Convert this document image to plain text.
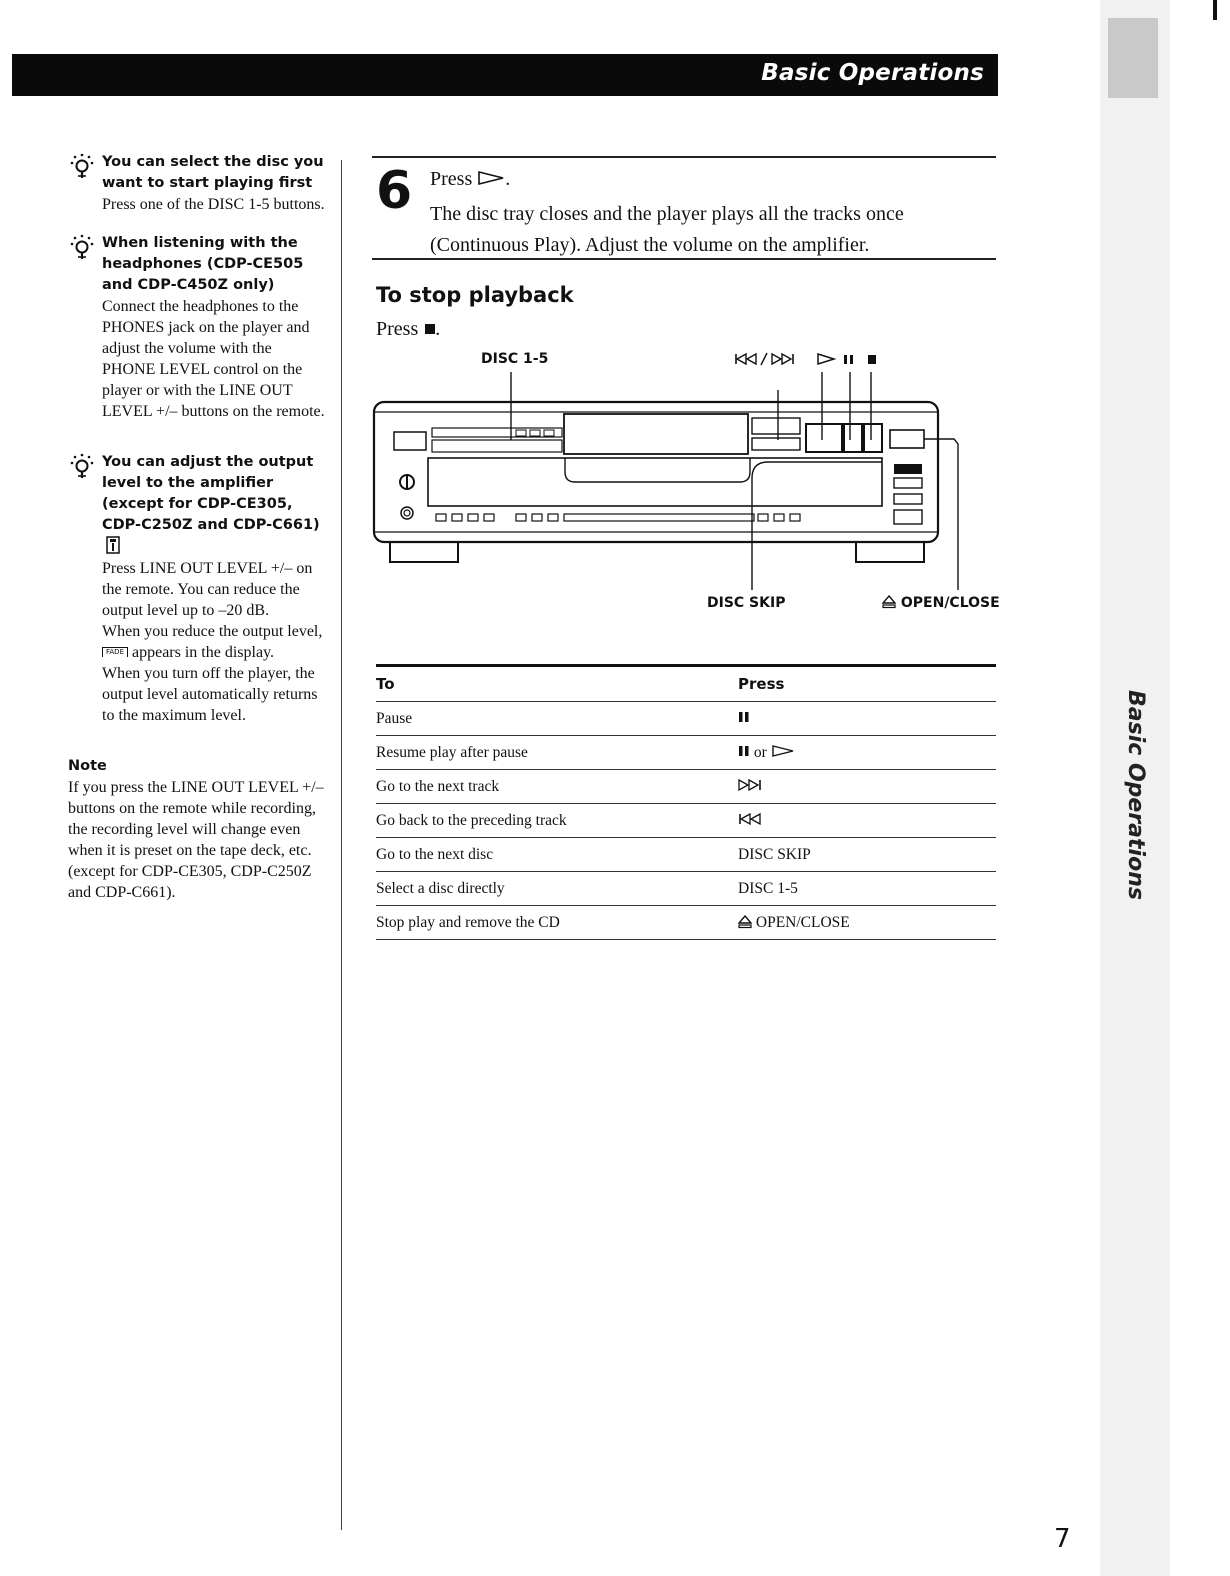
Basic Operations
Basic Operations
You can select the disc you want to start playing first
Press one of the DISC 1-5 buttons.
When listening with the headphones (CDP-CE505 and CDP-C450Z only)
Connect the headphones to the PHONES jack on the player and adjust the volume with the PHONE LEVEL control on the player or with the LINE OUT LEVEL +/– buttons on the remote.
You can adjust the output level to the amplifier (except for CDP-CE305, CDP-C250Z and CDP-C661)
Press LINE OUT LEVEL +/– on the remote. You can reduce the output level up to –20 dB.
When you reduce the output level, FADE appears in the display.
When you turn off the player, the output level automatically returns to the maximum level.
Note
If you press the LINE OUT LEVEL +/– buttons on the remote while recording, the recording level will change even when it is preset on the tape deck, etc. (except for CDP-CE305, CDP-C250Z and CDP-C661).
6 Press .

The disc tray closes and the player plays all the tracks once (Continuous Play). Adjust the volume on the amplifier.

To stop playback
Press .
DISC 1-5
DISC SKIP	OPEN/CLOSE
To	Press
Pause
Resume play after pause	or
Go to the next track
Go back to the preceding track
Go to the next disc	DISC SKIP
Select a disc directly	DISC 1-5
Stop play and remove the CD	OPEN/CLOSE
7
